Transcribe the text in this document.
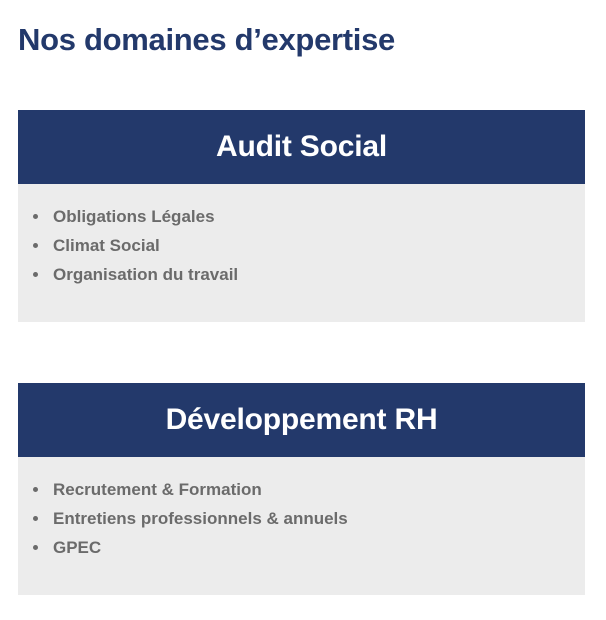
Nos domaines d’expertise
Audit Social
Obligations Légales
Climat Social
Organisation du travail
Développement RH
Recrutement & Formation
Entretiens professionnels & annuels
GPEC
